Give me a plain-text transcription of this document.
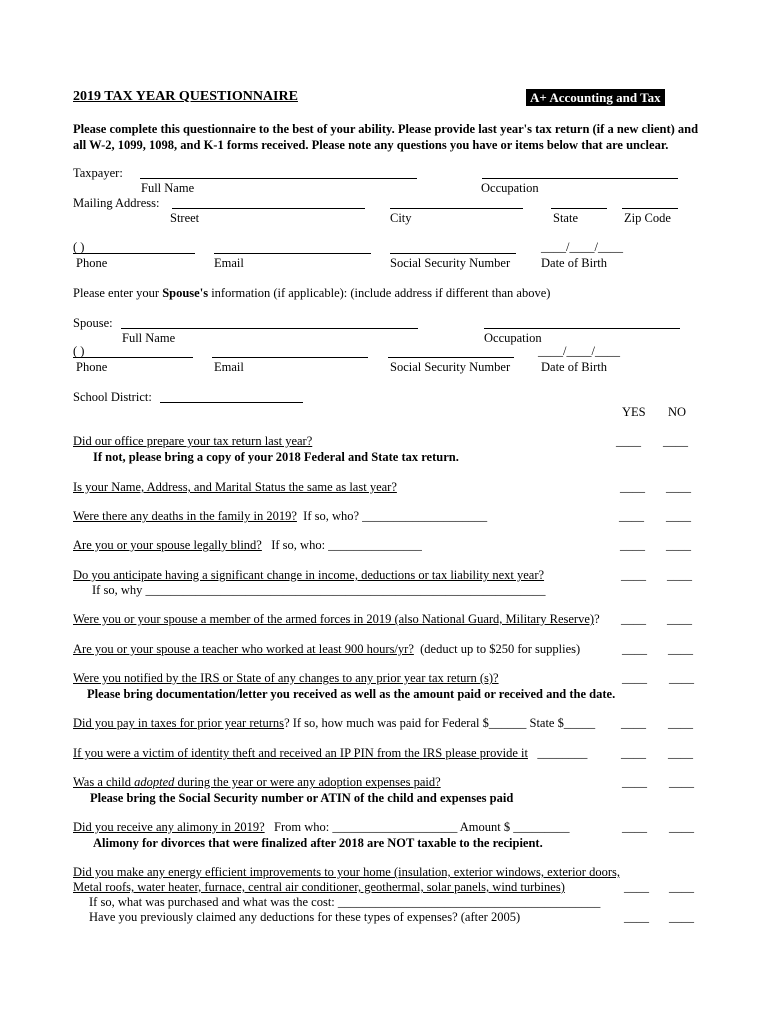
2019 TAX YEAR QUESTIONNAIRE	A+ Accounting and Tax
Please complete this questionnaire to the best of your ability. Please provide last year's tax return (if a new client) and all W-2, 1099, 1098, and K-1 forms received. Please note any questions you have or items below that are unclear.
Taxpayer:
Full Name	Occupation
Mailing Address:
Street	City	State	Zip Code
( )	____/____/____
Phone	Email	Social Security Number Date of Birth
Please enter your Spouse's information (if applicable): (include address if different than above)
Spouse:
Full Name	Occupation
( )	____/____/____
Phone	Email	Social Security Number Date of Birth
School District:
YES NO
Did our office prepare your tax return last year?	____ ____
If not, please bring a copy of your 2018 Federal and State tax return.
Is your Name, Address, and Marital Status the same as last year?	____ ____
Were there any deaths in the family in 2019? If so, who? ____________________	____ ____
Are you or your spouse legally blind? If so, who: _______________	____ ____
Do you anticipate having a significant change in income, deductions or tax liability next year?	____ ____
If so, why ________________________________________________________________
Were you or your spouse a member of the armed forces in 2019 (also National Guard, Military Reserve)? ____ ____
Are you or your spouse a teacher who worked at least 900 hours/yr? (deduct up to $250 for supplies)	____ ____
Were you notified by the IRS or State of any changes to any prior year tax return (s)?	____ ____
Please bring documentation/letter you received as well as the amount paid or received and the date.
Did you pay in taxes for prior year returns? If so, how much was paid for Federal $______ State $_____ ____ ____
If you were a victim of identity theft and received an IP PIN from the IRS please provide it ________	____ ____
Was a child adopted during the year or were any adoption expenses paid?	____ ____
Please bring the Social Security number or ATIN of the child and expenses paid
Did you receive any alimony in 2019? From who: ____________________ Amount $ _________	____ ____
Alimony for divorces that were finalized after 2018 are NOT taxable to the recipient.
Did you make any energy efficient improvements to your home (insulation, exterior windows, exterior doors,
Metal roofs, water heater, furnace, central air conditioner, geothermal, solar panels, wind turbines)	____ ____
If so, what was purchased and what was the cost: __________________________________________
Have you previously claimed any deductions for these types of expenses? (after 2005)	____ ____
